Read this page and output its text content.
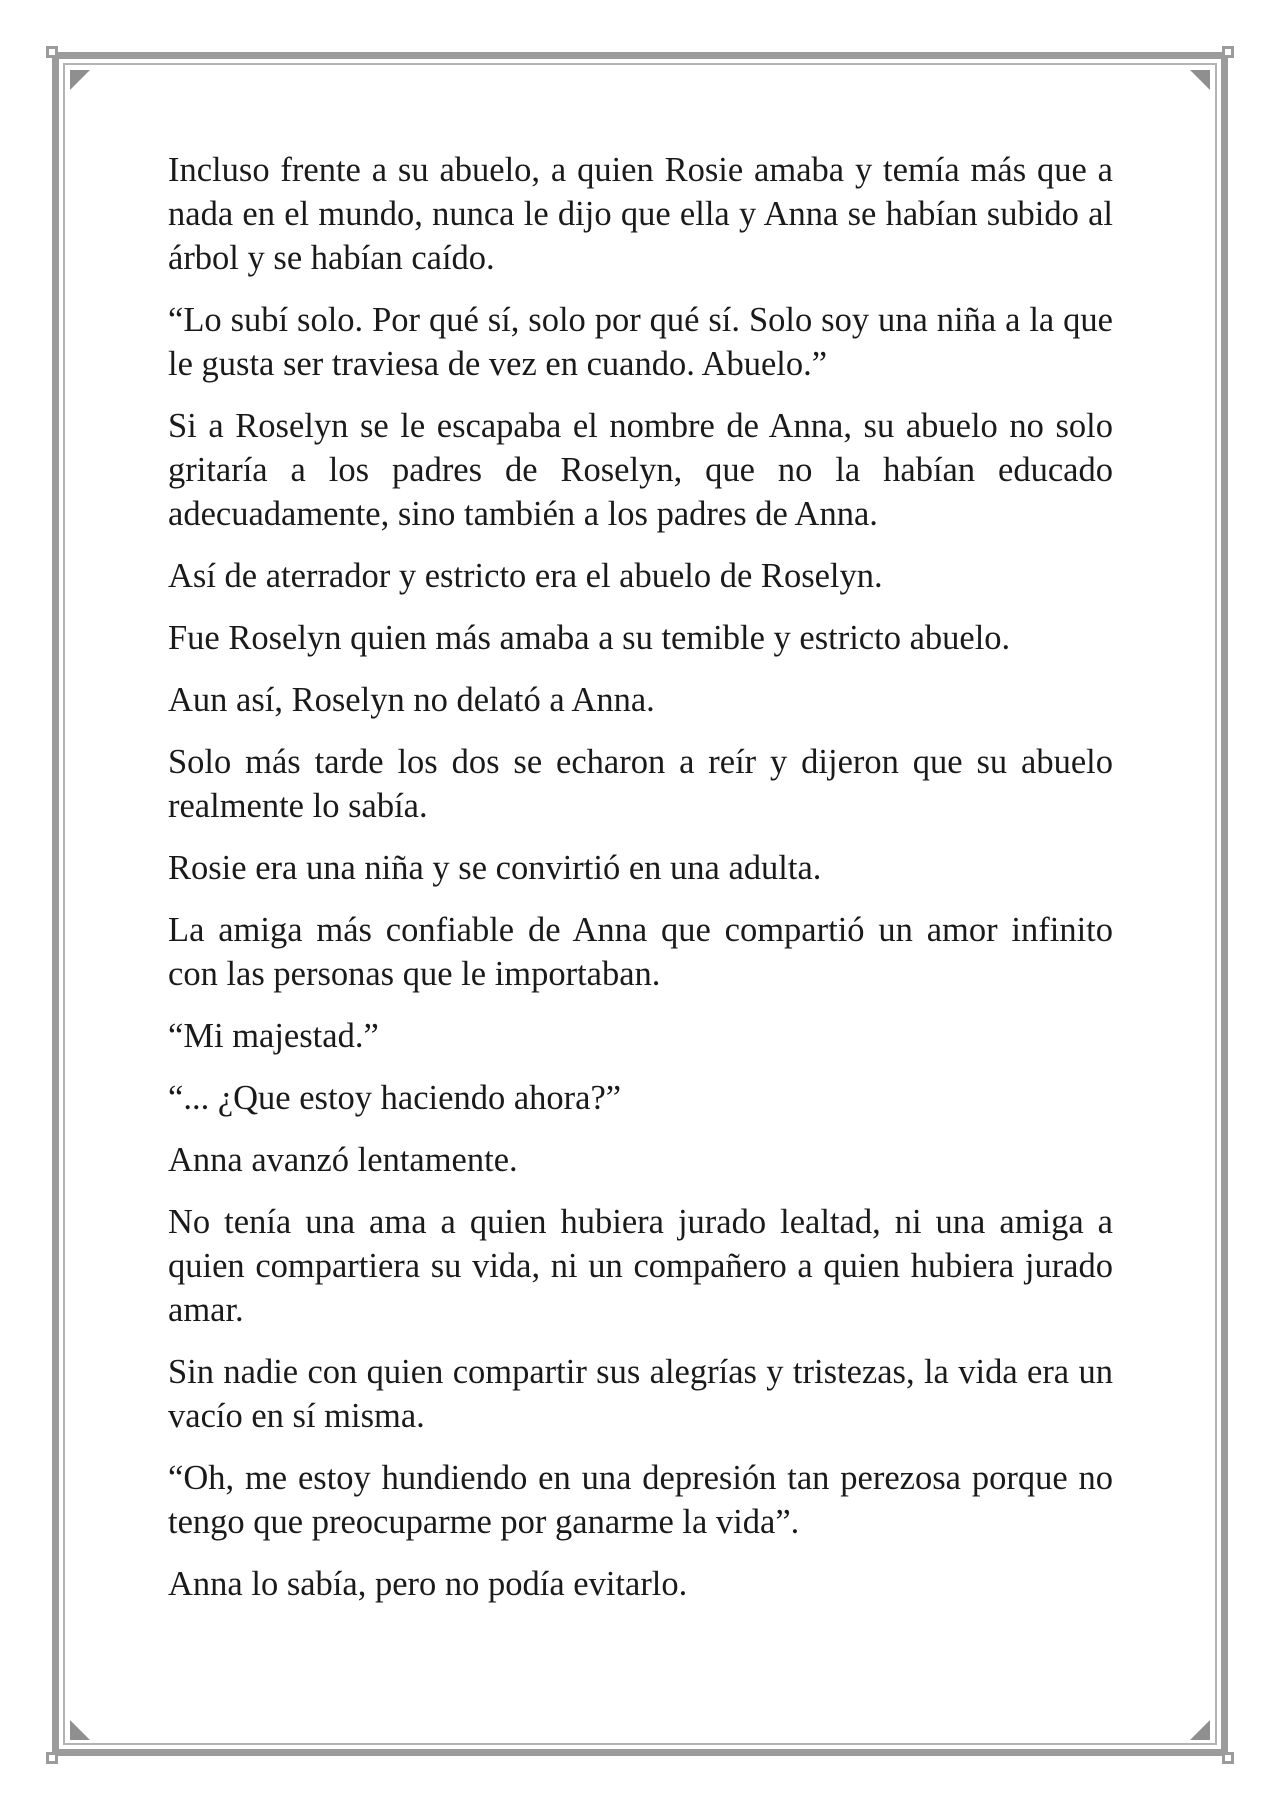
Incluso frente a su abuelo, a quien Rosie amaba y temía más que a nada en el mundo, nunca le dijo que ella y Anna se habían subido al árbol y se habían caído.

“Lo subí solo. Por qué sí, solo por qué sí. Solo soy una niña a la que le gusta ser traviesa de vez en cuando. Abuelo.”

Si a Roselyn se le escapaba el nombre de Anna, su abuelo no solo gritaría a los padres de Roselyn, que no la habían educado adecuadamente, sino también a los padres de Anna.

Así de aterrador y estricto era el abuelo de Roselyn.

Fue Roselyn quien más amaba a su temible y estricto abuelo.

Aun así, Roselyn no delató a Anna.

Solo más tarde los dos se echaron a reír y dijeron que su abuelo realmente lo sabía.

Rosie era una niña y se convirtió en una adulta.

La amiga más confiable de Anna que compartió un amor infinito con las personas que le importaban.

“Mi majestad.”

“... ¿Que estoy haciendo ahora?”

Anna avanzó lentamente.

No tenía una ama a quien hubiera jurado lealtad, ni una amiga a quien compartiera su vida, ni un compañero a quien hubiera jurado amar.

Sin nadie con quien compartir sus alegrías y tristezas, la vida era un vacío en sí misma.

“Oh, me estoy hundiendo en una depresión tan perezosa porque no tengo que preocuparme por ganarme la vida”.

Anna lo sabía, pero no podía evitarlo.
